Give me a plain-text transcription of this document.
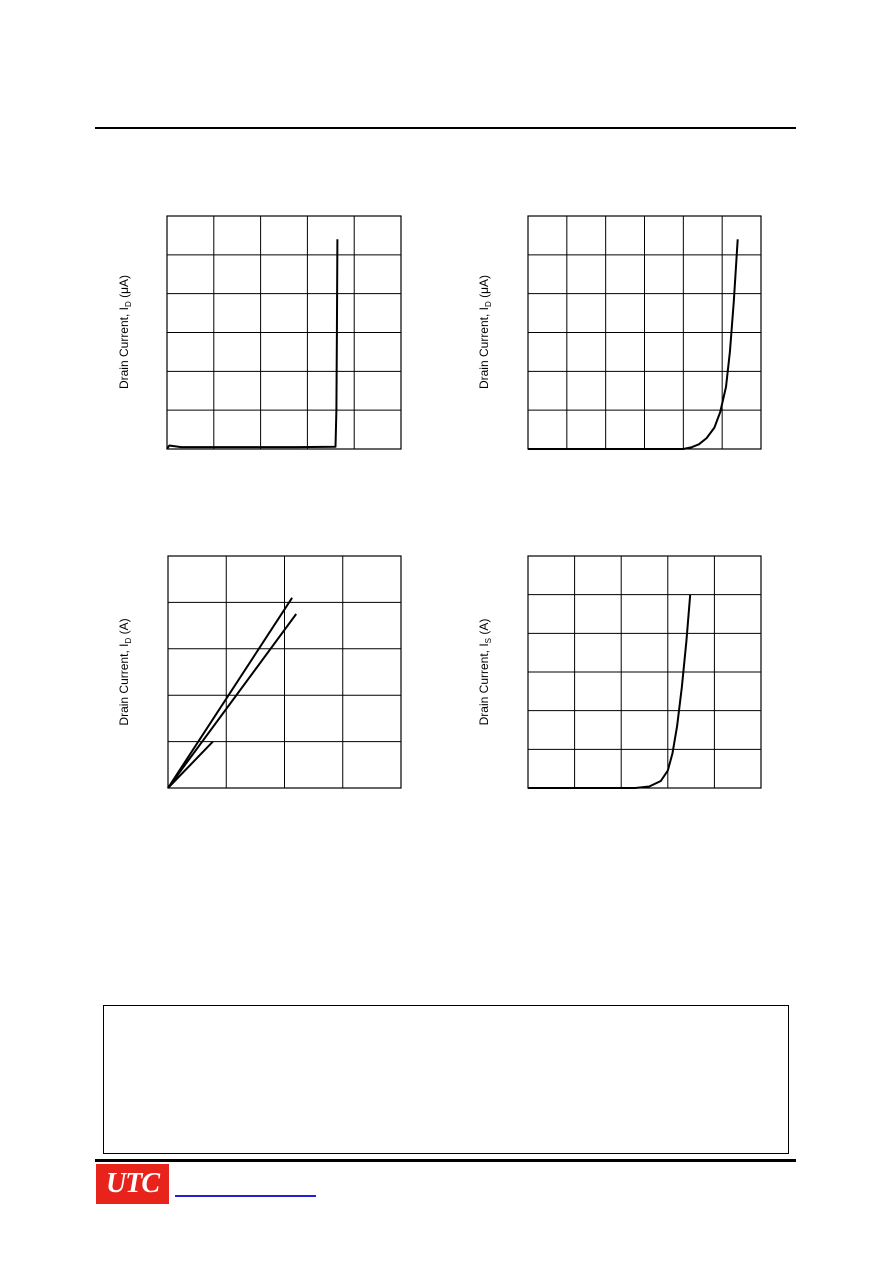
Drain Current, $I_D$ (μA)
Drain Current, $I_D$ (μA)
Drain Current, $I_D$ (A)
Drain Current, $I_S$ (A)
UTC
